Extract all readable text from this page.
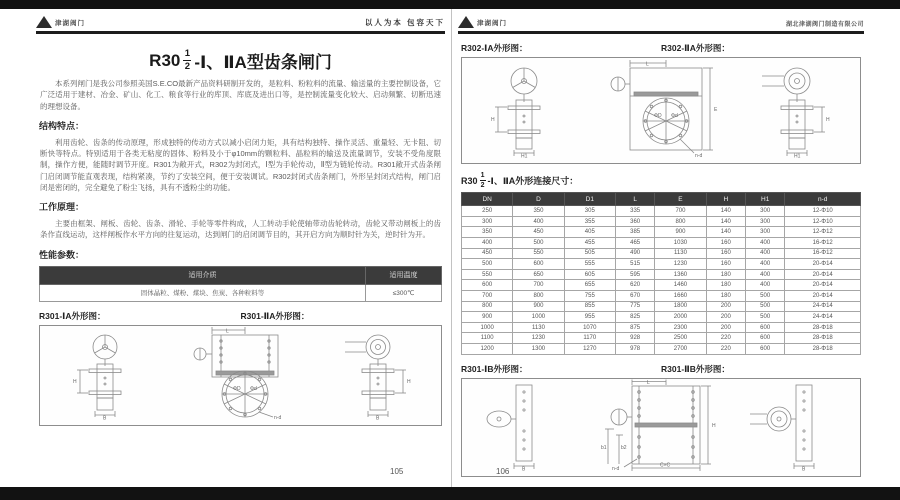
津湖阀门	以人为本 包容天下
$R30 \frac{1}{2}$ -Ⅰ、ⅡA型齿条闸门

本系列闸门是我公司参照美国S.E.CO最新产品资料研制开发的，是粒料、粉粒料的流量、输送量的主要控制设备，它广泛适用于建材、冶金、矿山、化工、粮食等行业的库顶、库底及进出口等，是控制流量变化较大、启动频繁、切断迅速的理想设备。

结构特点：

利用齿轮、齿条的传动原理，形成独特的传动方式以减小启闭力矩，具有结构独特、操作灵活、重量轻、无卡阻、切断快等特点。特别适用于各类无粘度的固体、粉料及小于φ10mm的颗粒料、晶粒料的输送及流量调节，安装不受角度限制，操作方便，能随时调节开度。R301为敞开式，R302为封闭式，Ⅰ型为手轮传动，Ⅱ型为链轮传动。R301敞开式齿条闸门启闭调节能直观表现，结构紧凑，节约了安装空间，便于安装调试。R302封闭式齿条闸门，外形呈封闭式结构，闸门启闭是密闭的，完全避免了粉尘飞扬，具有不透粉尘的功能。

工作原理：

主要由框架、闸板、齿轮、齿条、滑轮、手轮等零件构成，人工转动手轮使轴带动齿轮转动，齿轮又带动闸板上的齿条作直线运动，这样闸板作水平方向的往复运动，达到闸门的启闭调节目的，其开启方向为顺时针为关，逆时针为开。

性能参数：
适用介质	适用温度
固体晶粒、煤粉、煤块、焦炭、各种粒料等	≤300℃
R301-ⅠA外形图：	R301-ⅡA外形图：
L
ΦD Φd
n-d
H
B
H
B
105
津湖阀门	湖北津湖阀门制造有限公司
R302-ⅠA外形图：	R302-ⅡA外形图：
L
E
ΦD Φd
n-d
H
H1
H
H1
$R30 \frac{1}{2}$ -Ⅰ、ⅡA外形连接尺寸：
DN	D	D1	L	E	H	H1	n-d
250	350	305	335	700	140	300	12-Φ10
300	400	355	360	800	140	300	12-Φ10
350	450	405	385	900	140	300	12-Φ12
400	500	455	465	1030	160	400	16-Φ12
450	550	505	490	1130	160	400	16-Φ12
500	600	555	515	1230	160	400	20-Φ14
550	650	605	595	1360	180	400	20-Φ14
600	700	655	620	1460	180	400	20-Φ14
700	800	755	670	1660	180	500	20-Φ14
800	900	855	775	1800	200	500	24-Φ14
900	1000	955	825	2000	200	500	24-Φ14
1000	1130	1070	875	2300	200	600	28-Φ18
1100	1230	1170	928	2500	220	600	28-Φ18
1200	1300	1270	978	2700	220	600	28-Φ18
R301-ⅠB外形图：	R301-ⅡB外形图：
L
H
b1	b2
C×C
n-d
B	B
106
